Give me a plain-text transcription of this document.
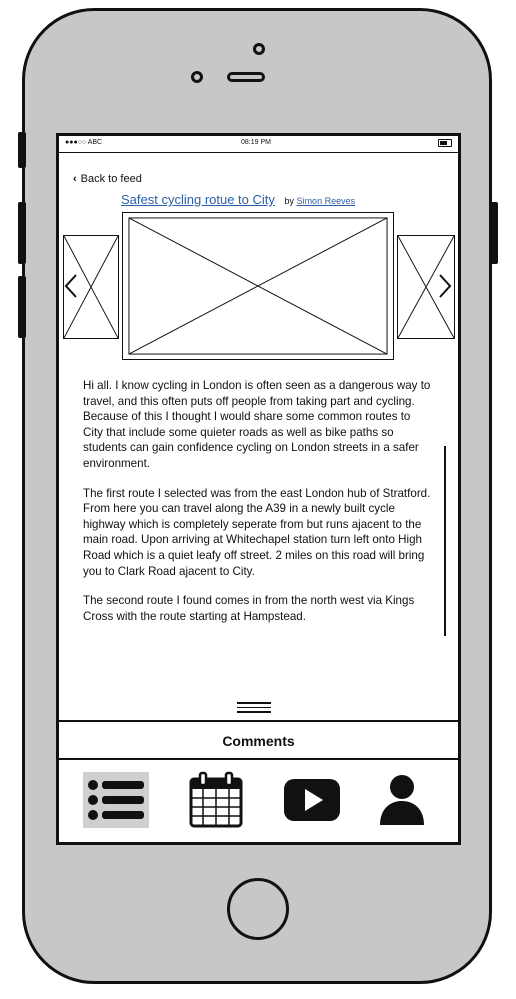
●●●○○ ABC	08:19 PM
‹ Back to feed
Safest cycling rotue to City by Simon Reeves

Hi all. I know cycling in London is often seen as a dangerous way to travel, and this often puts off people from taking part and cycling. Because of this I thought I would share some common routes to City that include some quieter roads as well as bike paths so students can gain confidence cycling on London streets in a safer environment.

The first route I selected was from the east London hub of Stratford. From here you can travel along the A39 in a newly built cycle highway which is completely seperate from but runs ajacent to the main road. Upon arriving at Whitechapel station turn left onto High Road which is a quiet leafy off street. 2 miles on this road will bring you to Clark Road ajacent to City.

The second route I found comes in from the north west via Kings Cross with the route starting at Hampstead.

Comments
